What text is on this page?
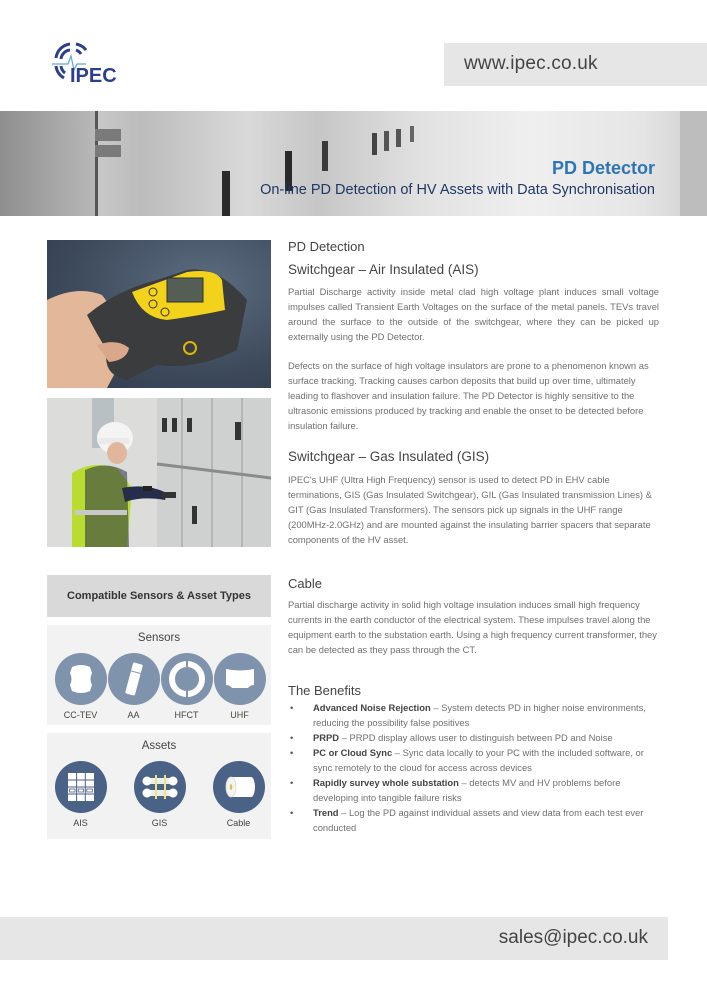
IPEC
www.ipec.co.uk
PD Detector
On-line PD Detection of HV Assets with Data Synchronisation
PD Detection
Switchgear – Air Insulated (AIS)
Partial Discharge activity inside metal clad high voltage plant induces small voltage impulses called Transient Earth Voltages on the surface of the metal panels. TEVs travel around the surface to the outside of the switchgear, where they can be picked up externally using the PD Detector.
Defects on the surface of high voltage insulators are prone to a phenomenon known as surface tracking. Tracking causes carbon deposits that build up over time, ultimately leading to flashover and insulation failure. The PD Detector is highly sensitive to the ultrasonic emissions produced by tracking and enable the onset to be detected before insulation failure.
Switchgear – Gas Insulated (GIS)
IPEC's UHF (Ultra High Frequency) sensor is used to detect PD in EHV cable terminations, GIS (Gas Insulated Switchgear), GIL (Gas Insulated transmission Lines) & GIT (Gas Insulated Transformers). The sensors pick up signals in the UHF range (200MHz-2.0GHz) and are mounted against the insulating barrier spacers that separate components of the HV asset.
Cable
Partial discharge activity in solid high voltage insulation induces small high frequency currents in the earth conductor of the electrical system. These impulses travel along the equipment earth to the substation earth. Using a high frequency current transformer, they can be detected as they pass through the CT.
The Benefits
• Advanced Noise Rejection – System detects PD in higher noise environments, reducing the possibility false positives
• PRPD – PRPD display allows user to distinguish between PD and Noise
• PC or Cloud Sync – Sync data locally to your PC with the included software, or sync remotely to the cloud for access across devices
• Rapidly survey whole substation – detects MV and HV problems before developing into tangible failure risks
• Trend – Log the PD against individual assets and view data from each test ever conducted
Compatible Sensors & Asset Types
Sensors
CC-TEV	AA	HFCT	UHF
Assets
AIS	GIS	Cable
sales@ipec.co.uk
